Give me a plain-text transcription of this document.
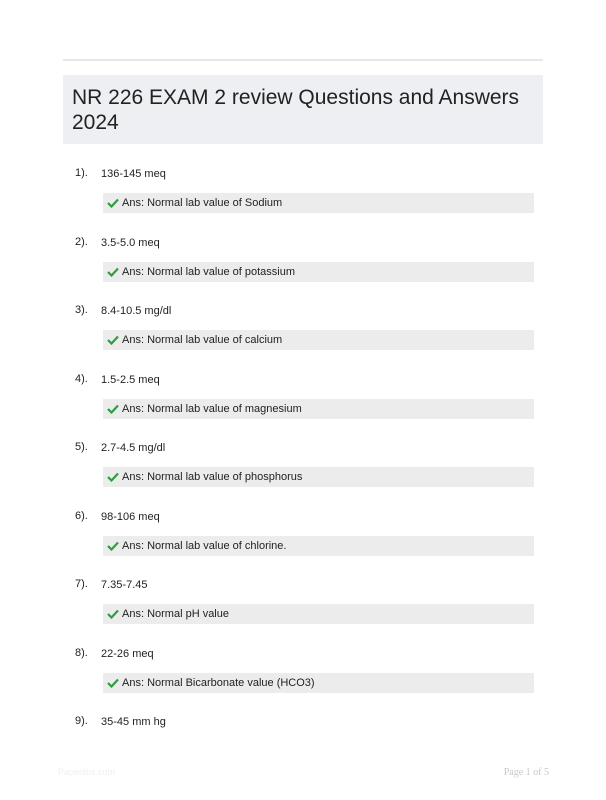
NR 226 EXAM 2 review Questions and Answers 2024
1). 136-145 meq
Ans: Normal lab value of Sodium
2). 3.5-5.0 meq
Ans: Normal lab value of potassium
3). 8.4-10.5 mg/dl
Ans: Normal lab value of calcium
4). 1.5-2.5 meq
Ans: Normal lab value of magnesium
5). 2.7-4.5 mg/dl
Ans: Normal lab value of phosphorus
6). 98-106 meq
Ans: Normal lab value of chlorine.
7). 7.35-7.45
Ans: Normal pH value
8). 22-26 meq
Ans: Normal Bicarbonate value (HCO3)
9). 35-45 mm hg
Paperlibs.com	Page 1 of 5
